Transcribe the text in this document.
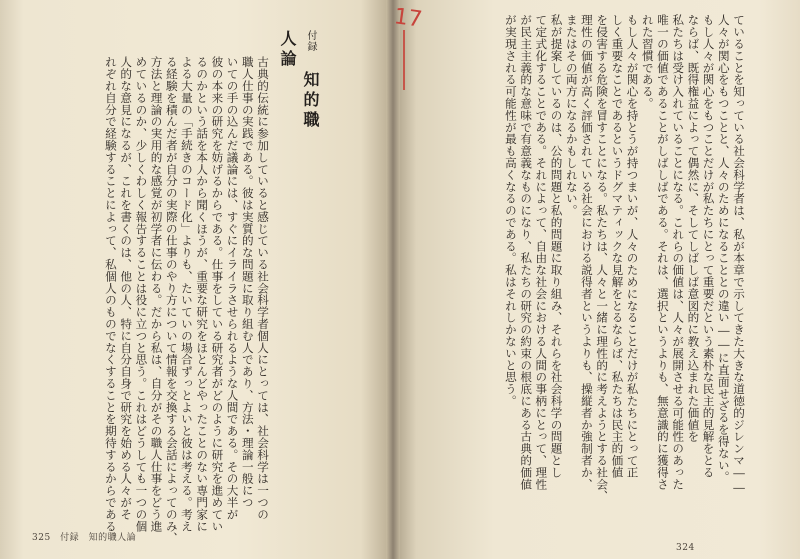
付録 知的職人論

古典的伝統に参加していると感じている社会科学者個人にとっては、社会科学は一つの

職人仕事の実践である。彼は実質的な問題に取り組む人であり、方法・理論一般につ

いての手の込んだ議論には、すぐにイライラさせられるような人間である。その大半が

彼の本来の研究を妨げるからである。仕事をしている研究者がどのように研究を進めてい

るのかという話を本人から聞くほうが、重要な研究をほとんどやったことのない専門家に

よる大量の「手続きのコード化」よりも、たいていの場合ずっとよいと彼は考える。考え

る経験を積んだ者が自分の実際の仕事のやり方について情報を交換する会話によってのみ、

方法と理論の実用的な感覚が初学者に伝わる。だから私は、自分がその職人仕事をどう進

めているのか、少しくわしく報告することは役に立つと思う。これはどうしても一つの個

人的な意見になるが、これを書くのは、他の人、特に自分自身で研究を始める人々がそ

れぞれ自分で経験することによって、私個人のものでなくすることを期待するからである。

325　付録　知的職人論

ていることを知っている社会科学者は、私が本章で示してきた大きな道徳的ジレンマ――

人々が関心をもつことと、人々のためになることとの違い――に直面せざるを得ない。

もし人々が関心をもつことだけが私たちにとって重要だという素朴な民主的見解をとる

ならば、既得権益によって偶然に、そしてしばしば意図的に教え込まれた価値を

私たちは受け入れていることになる。これらの価値は、人々が展開させる可能性のあった

唯一の価値であることがしばしばである。それは、選択というよりも、無意識的に獲得さ

れた習慣である。

もし人々が関心を持とうが持つまいが、人々のためになることだけが私たちにとって正

しく重要なことであるというドグマティックな見解をとるならば、私たちは民主的価値

を侵害する危険を冒すことになる。私たちは、人々と一緒に理性的に考えようとする社会、

理性の価値が高く評価されている社会における説得者というよりも、操縦者か強制者か、

またはその両方になるかもしれない。

私が提案しているのは、公的問題と私的問題に取り組み、それらを社会科学の問題とし

て定式化することである。それによって、自由な社会における人間の事柄にとって、理性

が民主主義的な意味で有意義なものになり、私たちの研究の約束の根底にある古典的価値

が実現される可能性が最も高くなるのである。私はそれしかないと思う。

17
324
